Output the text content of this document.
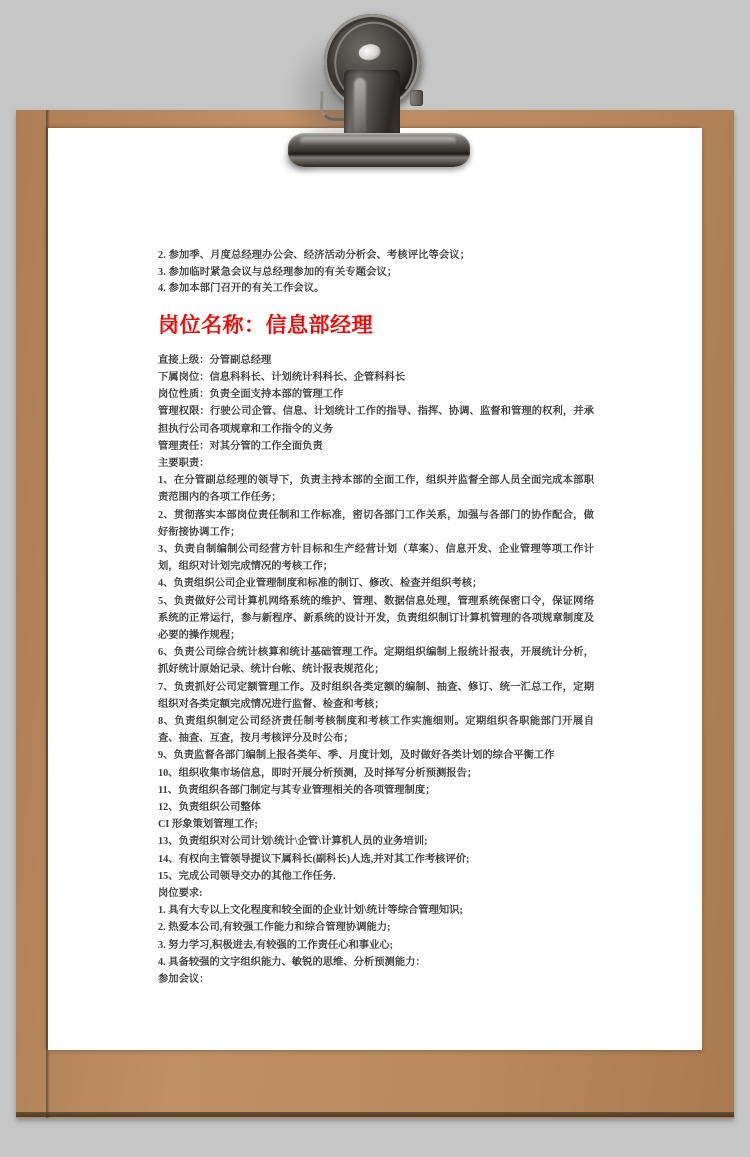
2. 参加季、月度总经理办公会、经济活动分析会、考核评比等会议；
3. 参加临时紧急会议与总经理参加的有关专题会议；
4. 参加本部门召开的有关工作会议。
岗位名称：信息部经理
直接上级：分管副总经理
下属岗位：信息科科长、计划统计科科长、企管科科长
岗位性质：负责全面支持本部的管理工作
管理权限：行驶公司企管、信息、计划统计工作的指导、指挥、协调、监督和管理的权利，并承担执行公司各项规章和工作指令的义务
管理责任：对其分管的工作全面负责
主要职责：
1、在分管副总经理的领导下，负责主持本部的全面工作，组织并监督全部人员全面完成本部职责范围内的各项工作任务；
2、贯彻落实本部岗位责任制和工作标准，密切各部门工作关系，加强与各部门的协作配合，做好衔接协调工作；
3、负责自制编制公司经营方针目标和生产经营计划（草案）、信息开发、企业管理等项工作计划，组织对计划完成情况的考核工作；
4、负责组织公司企业管理制度和标准的制订、修改、检查并组织考核；
5、负责做好公司计算机网络系统的维护、管理、数据信息处理，管理系统保密口令，保证网络系统的正常运行，参与新程序、新系统的设计开发，负责组织制订计算机管理的各项规章制度及必要的操作规程；
6、负责公司综合统计核算和统计基础管理工作。定期组织编制上报统计报表，开展统计分析，抓好统计原始记录、统计台帐、统计报表规范化；
7、负责抓好公司定额管理工作。及时组织各类定额的编制、抽查、修订、统一汇总工作，定期组织对各类定额完成情况进行监督、检查和考核；
8、负责组织制定公司经济责任制考核制度和考核工作实施细则。定期组织各职能部门开展自查、抽查、互查，按月考核评分及时公布；
9、负责监督各部门编制上报各类年、季、月度计划，及时做好各类计划的综合平衡工作
10、组织收集市场信息，即时开展分析预测，及时择写分析预测报告；
11、负责组织各部门制定与其专业管理相关的各项管理制度；
12、负责组织公司整体
CI 形象策划管理工作;
13、负责组织对公司计划\统计\企管\计算机人员的业务培训;
14、有权向主管领导提议下属科长(副科长)人选,并对其工作考核评价;
15、完成公司领导交办的其他工作任务.
岗位要求:
1. 具有大专以上文化程度和较全面的企业计划\统计等综合管理知识;
2. 热爱本公司,有较强工作能力和综合管理协调能力;
3. 努力学习,积极进去,有较强的工作责任心和事业心;
4. 具备较强的文字组织能力、敏锐的思维、分析预测能力：
参加会议：
